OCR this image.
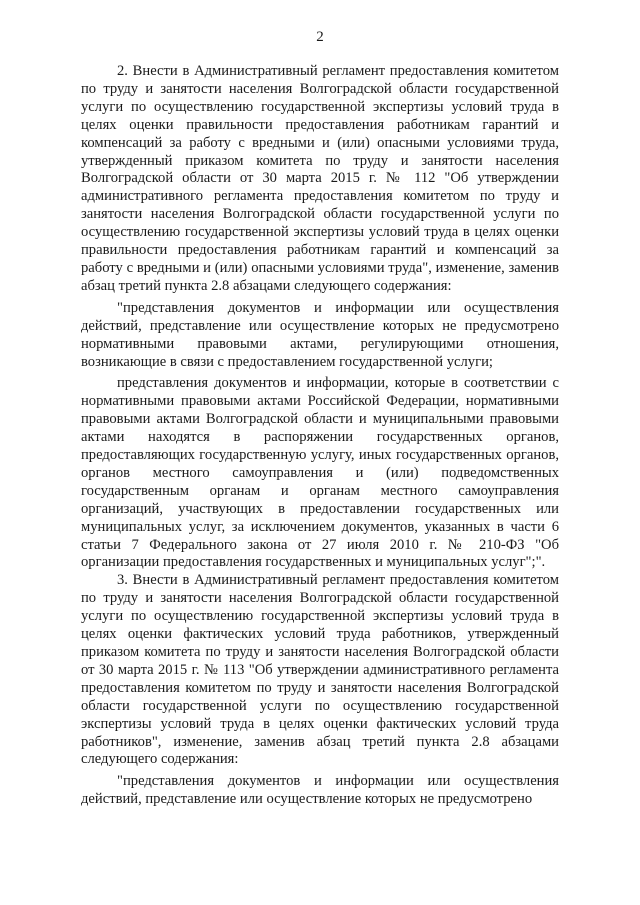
2

2. Внести в Административный регламент предоставления комитетом по труду и занятости населения Волгоградской области государственной услуги по осуществлению государственной экспертизы условий труда в целях оценки правильности предоставления работникам гарантий и компенсаций за работу с вредными и (или) опасными условиями труда, утвержденный приказом комитета по труду и занятости населения Волгоградской области от 30 марта 2015 г. № 112 "Об утверждении административного регламента предоставления комитетом по труду и занятости населения Волгоградской области государственной услуги по осуществлению государственной экспертизы условий труда в целях оценки правильности предоставления работникам гарантий и компенсаций за работу с вредными и (или) опасными условиями труда", изменение, заменив абзац третий пункта 2.8 абзацами следующего содержания:

"представления документов и информации или осуществления действий, представление или осуществление которых не предусмотрено нормативными правовыми актами, регулирующими отношения, возникающие в связи с предоставлением государственной услуги;

представления документов и информации, которые в соответствии с нормативными правовыми актами Российской Федерации, нормативными правовыми актами Волгоградской области и муниципальными правовыми актами находятся в распоряжении государственных органов, предоставляющих государственную услугу, иных государственных органов, органов местного самоуправления и (или) подведомственных государственным органам и органам местного самоуправления организаций, участвующих в предоставлении государственных или муниципальных услуг, за исключением документов, указанных в части 6 статьи 7 Федерального закона от 27 июля 2010 г. № 210-ФЗ "Об организации предоставления государственных и муниципальных услуг";".

3. Внести в Административный регламент предоставления комитетом по труду и занятости населения Волгоградской области государственной услуги по осуществлению государственной экспертизы условий труда в целях оценки фактических условий труда работников, утвержденный приказом комитета по труду и занятости населения Волгоградской области от 30 марта 2015 г. № 113 "Об утверждении административного регламента предоставления комитетом по труду и занятости населения Волгоградской области государственной услуги по осуществлению государственной экспертизы условий труда в целях оценки фактических условий труда работников", изменение, заменив абзац третий пункта 2.8 абзацами следующего содержания:

"представления документов и информации или осуществления действий, представление или осуществление которых не предусмотрено
